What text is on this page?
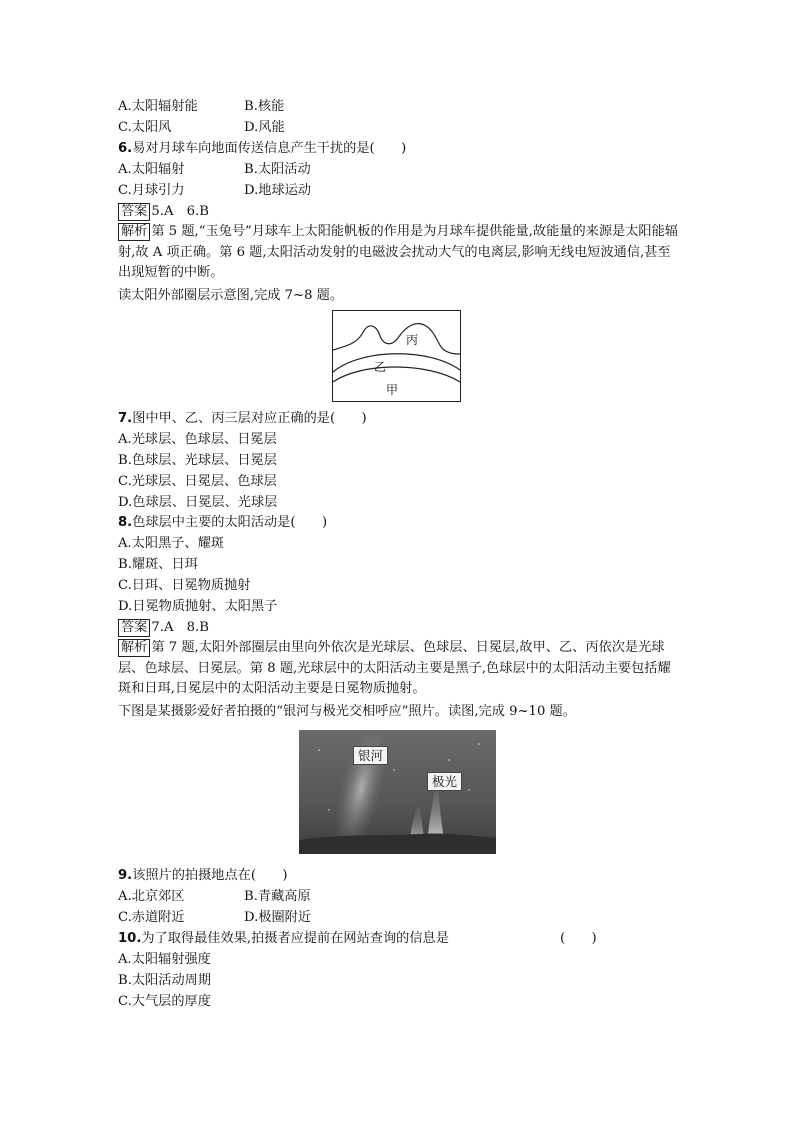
A.太阳辐射能	B.核能
C.太阳风	D.风能
6.易对月球车向地面传送信息产生干扰的是(　　)
A.太阳辐射	B.太阳活动
C.月球引力	D.地球运动
答案 5.A　6.B
解析 第 5 题,“玉兔号”月球车上太阳能帆板的作用是为月球车提供能量,故能量的来源是太阳能辐射,故 A 项正确。第 6 题,太阳活动发射的电磁波会扰动大气的电离层,影响无线电短波通信,甚至出现短暂的中断。
读太阳外部圈层示意图,完成 7~8 题。
丙
乙
甲
7.图中甲、乙、丙三层对应正确的是(　　)
A.光球层、色球层、日冕层
B.色球层、光球层、日冕层
C.光球层、日冕层、色球层
D.色球层、日冕层、光球层
8.色球层中主要的太阳活动是(　　)
A.太阳黑子、耀斑
B.耀斑、日珥
C.日珥、日冕物质抛射
D.日冕物质抛射、太阳黑子
答案 7.A　8.B
解析 第 7 题,太阳外部圈层由里向外依次是光球层、色球层、日冕层,故甲、乙、丙依次是光球层、色球层、日冕层。第 8 题,光球层中的太阳活动主要是黑子,色球层中的太阳活动主要包括耀斑和日珥,日冕层中的太阳活动主要是日冕物质抛射。
下图是某摄影爱好者拍摄的“银河与极光交相呼应”照片。读图,完成 9~10 题。
银河
极光
9.该照片的拍摄地点在(　　)
A.北京郊区	B.青藏高原
C.赤道附近	D.极圈附近
10.为了取得最佳效果,拍摄者应提前在网站查询的信息是	(　　)
A.太阳辐射强度
B.太阳活动周期
C.大气层的厚度
